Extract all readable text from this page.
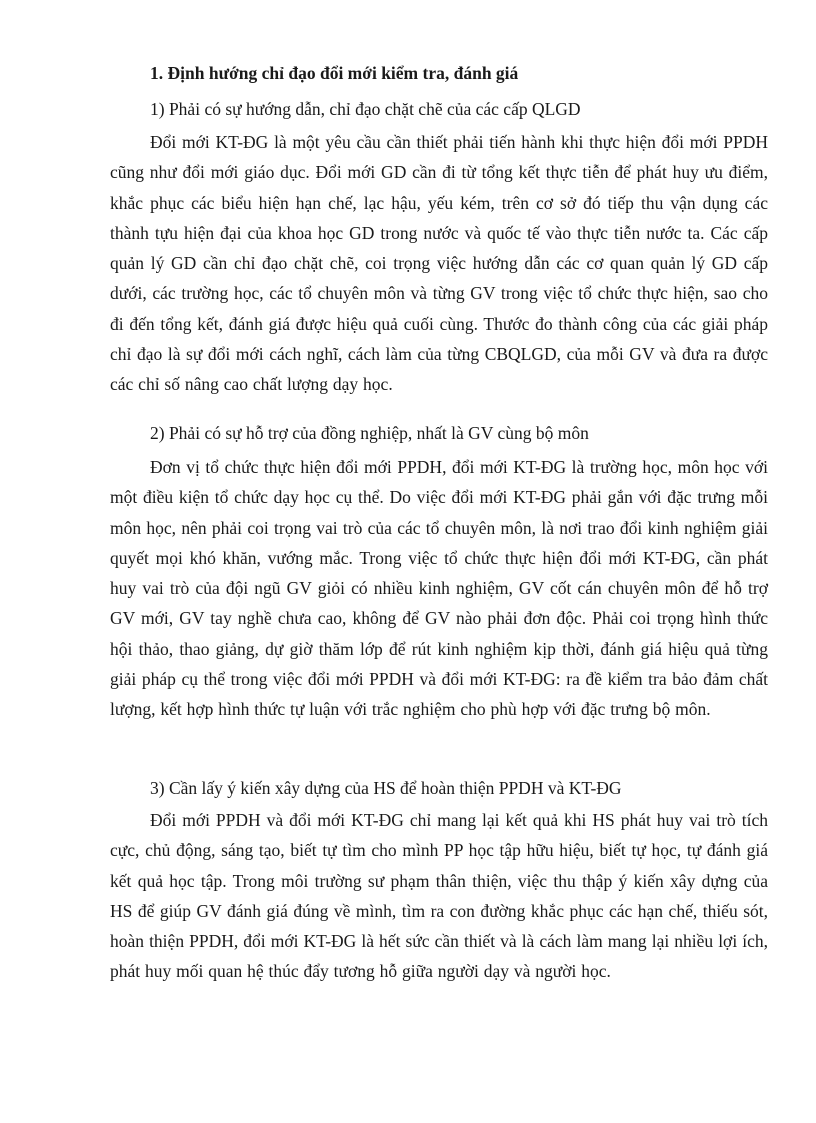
1. Định hướng chỉ đạo đổi mới kiểm tra, đánh giá
1) Phải có sự hướng dẫn, chỉ đạo chặt chẽ của các cấp QLGD
Đổi mới KT-ĐG là một yêu cầu cần thiết phải tiến hành khi thực hiện đổi mới PPDH cũng như đổi mới giáo dục. Đổi mới GD cần đi từ tổng kết thực tiễn để phát huy ưu điểm, khắc phục các biểu hiện hạn chế, lạc hậu, yếu kém, trên cơ sở đó tiếp thu vận dụng các thành tựu hiện đại của khoa học GD trong nước và quốc tế vào thực tiễn nước ta. Các cấp quản lý GD cần chỉ đạo chặt chẽ, coi trọng việc hướng dẫn các cơ quan quản lý GD cấp dưới, các trường học, các tổ chuyên môn và từng GV trong việc tổ chức thực hiện, sao cho đi đến tổng kết, đánh giá được hiệu quả cuối cùng. Thước đo thành công của các giải pháp chỉ đạo là sự đổi mới cách nghĩ, cách làm của từng CBQLGD, của mỗi GV và đưa ra được các chỉ số nâng cao chất lượng dạy học.
2) Phải có sự hỗ trợ của đồng nghiệp, nhất là GV cùng bộ môn
Đơn vị tổ chức thực hiện đổi mới PPDH, đổi mới KT-ĐG là trường học, môn học với một điều kiện tổ chức dạy học cụ thể. Do việc đổi mới KT-ĐG phải gắn với đặc trưng mỗi môn học, nên phải coi trọng vai trò của các tổ chuyên môn, là nơi trao đổi kinh nghiệm giải quyết mọi khó khăn, vướng mắc. Trong việc tổ chức thực hiện đổi mới KT-ĐG, cần phát huy vai trò của đội ngũ GV giỏi có nhiều kinh nghiệm, GV cốt cán chuyên môn để hỗ trợ GV mới, GV tay nghề chưa cao, không để GV nào phải đơn độc. Phải coi trọng hình thức hội thảo, thao giảng, dự giờ thăm lớp để rút kinh nghiệm kịp thời, đánh giá hiệu quả từng giải pháp cụ thể trong việc đổi mới PPDH và đổi mới KT-ĐG: ra đề kiểm tra bảo đảm chất lượng, kết hợp hình thức tự luận với trắc nghiệm cho phù hợp với đặc trưng bộ môn.
3) Cần lấy ý kiến xây dựng của HS để hoàn thiện PPDH và KT-ĐG
Đổi mới PPDH và đổi mới KT-ĐG chỉ mang lại kết quả khi HS phát huy vai trò tích cực, chủ động, sáng tạo, biết tự tìm cho mình PP học tập hữu hiệu, biết tự học, tự đánh giá kết quả học tập. Trong môi trường sư phạm thân thiện, việc thu thập ý kiến xây dựng của HS để giúp GV đánh giá đúng về mình, tìm ra con đường khắc phục các hạn chế, thiếu sót, hoàn thiện PPDH, đổi mới KT-ĐG là hết sức cần thiết và là cách làm mang lại nhiều lợi ích, phát huy mối quan hệ thúc đẩy tương hỗ giữa người dạy và người học.
